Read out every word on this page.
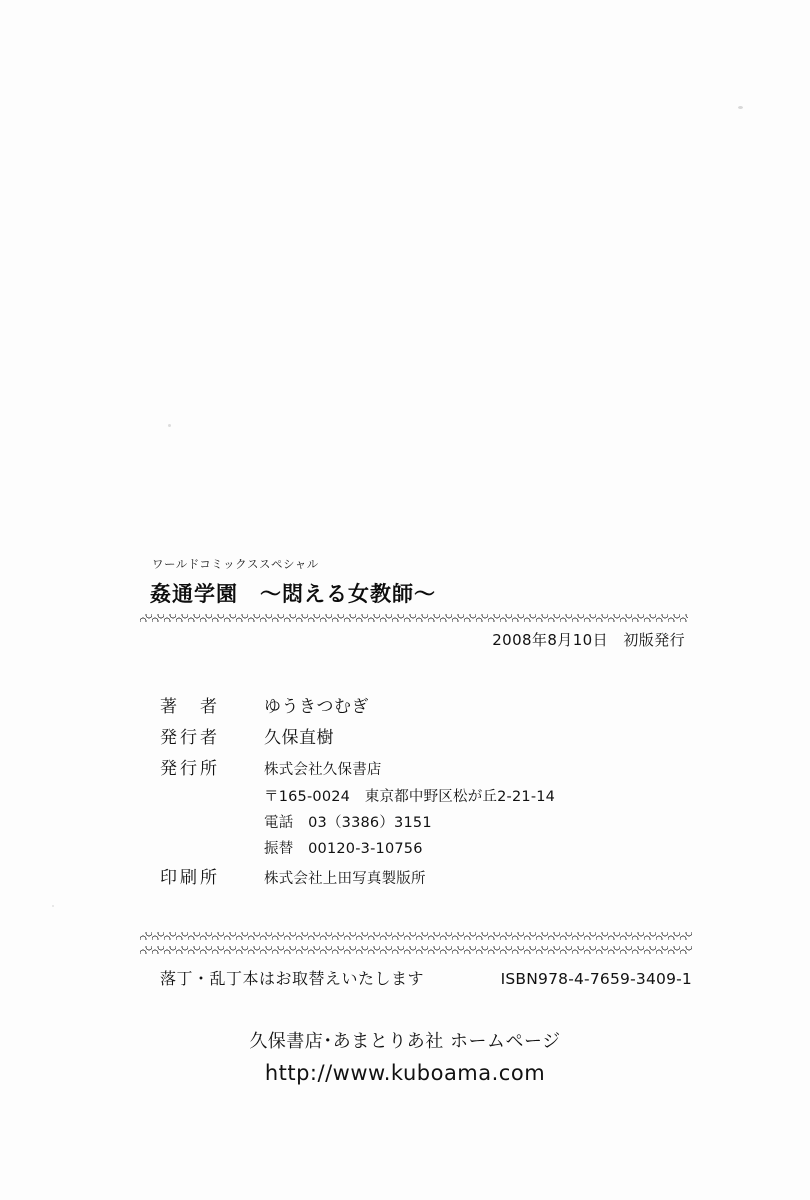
ワールドコミックススペシャル
姦通学園　〜悶える女教師〜
2008年8月10日　初版発行
著　者	ゆうきつむぎ
発行者	久保直樹
発行所	株式会社久保書店
〒165-0024　東京都中野区松が丘2-21-14
電話　03（3386）3151
振替　00120-3-10756
印刷所	株式会社上田写真製版所
落丁・乱丁本はお取替えいたします	ISBN978-4-7659-3409-1
久保書店･あまとりあ社 ホームページ
http://www.kuboama.com
